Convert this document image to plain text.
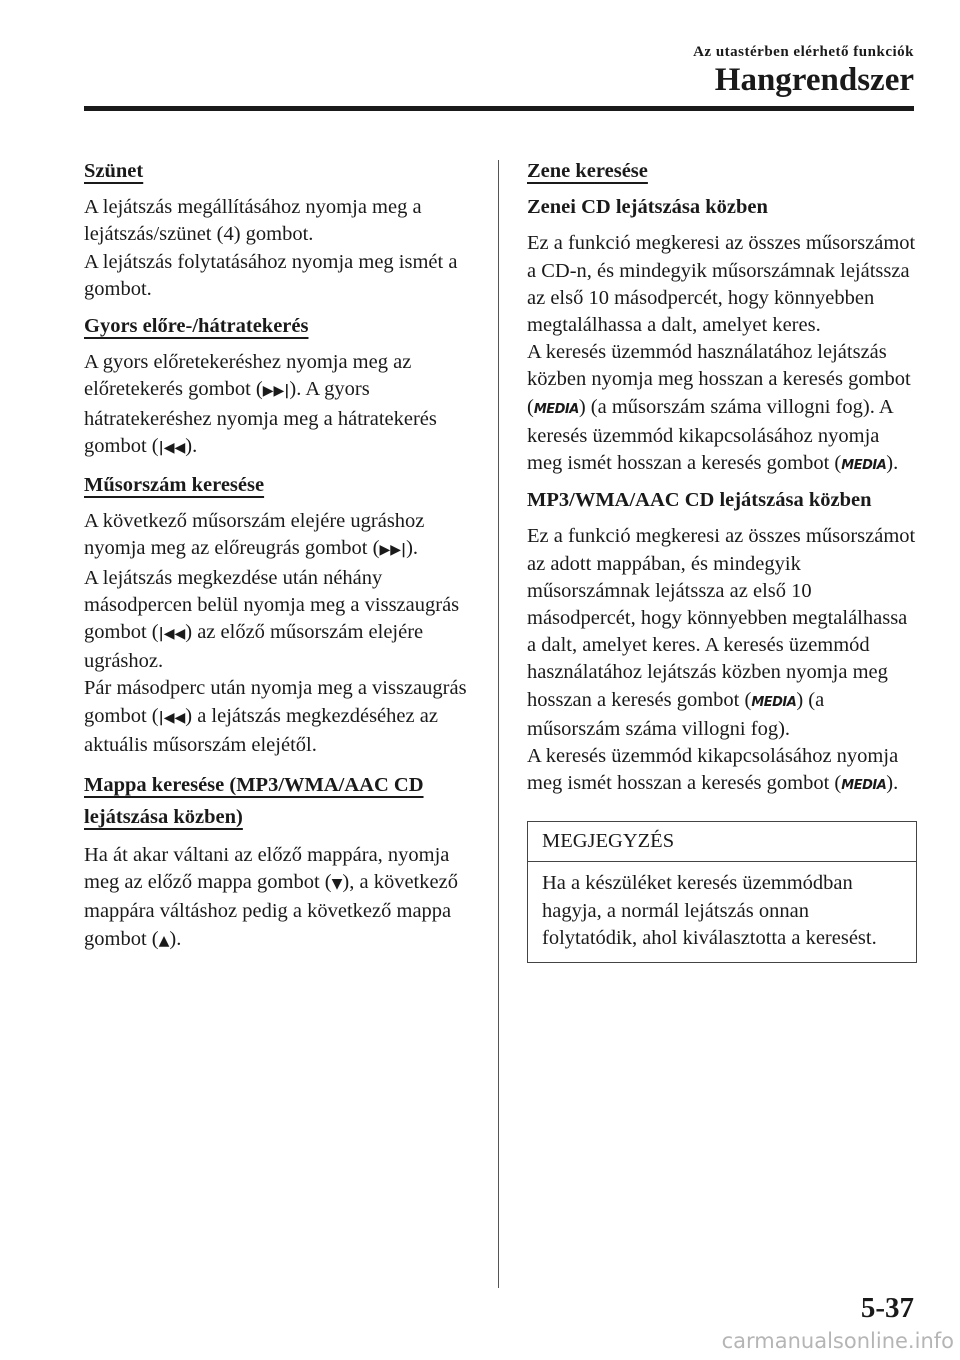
Az utastérben elérhető funkciók
Hangrendszer
Szünet

A lejátszás megállításához nyomja meg a lejátszás/szünet (4) gombot.

A lejátszás folytatásához nyomja meg ismét a gombot.

Gyors előre-/hátratekerés

A gyors előretekeréshez nyomja meg az előretekerés gombot (▶▶|). A gyors hátratekeréshez nyomja meg a hátratekerés gombot (|◀◀).

Műsorszám keresése

A következő műsorszám elejére ugráshoz nyomja meg az előreugrás gombot (▶▶|).

A lejátszás megkezdése után néhány másodpercen belül nyomja meg a visszaugrás gombot (|◀◀) az előző műsorszám elejére ugráshoz.

Pár másodperc után nyomja meg a visszaugrás gombot (|◀◀) a lejátszás megkezdéséhez az aktuális műsorszám elejétől.

Mappa keresése (MP3/WMA/AAC CD lejátszása közben)

Ha át akar váltani az előző mappára, nyomja meg az előző mappa gombot (▼), a következő mappára váltáshoz pedig a következő mappa gombot (▲).

Zene keresése
Zenei CD lejátszása közben

Ez a funkció megkeresi az összes műsorszámot a CD-n, és mindegyik műsorszámnak lejátssza az első 10 másodpercét, hogy könnyebben megtalálhassa a dalt, amelyet keres.

A keresés üzemmód használatához lejátszás közben nyomja meg hosszan a keresés gombot (MEDIA) (a műsorszám száma villogni fog). A keresés üzemmód kikapcsolásához nyomja meg ismét hosszan a keresés gombot (MEDIA).

MP3/WMA/AAC CD lejátszása közben

Ez a funkció megkeresi az összes műsorszámot az adott mappában, és mindegyik műsorszámnak lejátssza az első 10 másodpercét, hogy könnyebben megtalálhassa a dalt, amelyet keres. A keresés üzemmód használatához lejátszás közben nyomja meg hosszan a keresés gombot (MEDIA) (a műsorszám száma villogni fog).

A keresés üzemmód kikapcsolásához nyomja meg ismét hosszan a keresés gombot (MEDIA).

MEGJEGYZÉS
Ha a készüléket keresés üzemmódban hagyja, a normál lejátszás onnan folytatódik, ahol kiválasztotta a keresést.
5-37
carmanualsonline.info
